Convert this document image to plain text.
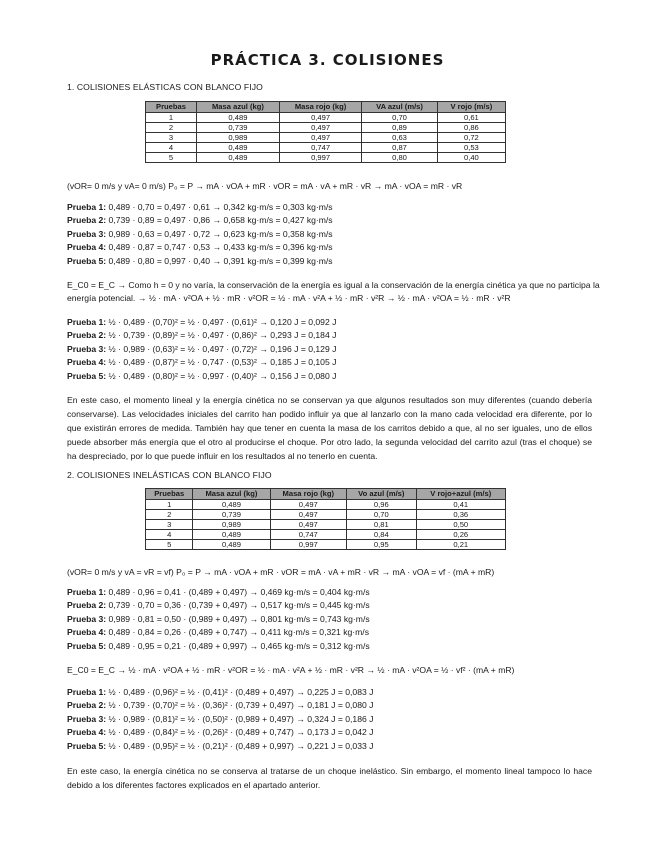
PRÁCTICA 3. COLISIONES
1. COLISIONES ELÁSTICAS CON BLANCO FIJO
Pruebas	Masa azul (kg)	Masa rojo (kg)	VA azul (m/s)	V rojo (m/s)
1	0,489	0,497	0,70	0,61
2	0,739	0,497	0,89	0,86
3	0,989	0,497	0,63	0,72
4	0,489	0,747	0,87	0,53
5	0,489	0,997	0,80	0,40
(vOR= 0 m/s y vA= 0 m/s) P₀ = P → mA · vOA + mR · vOR = mA · vA + mR · vR → mA · vOA = mR · vR
Prueba 1: 0,489 · 0,70 = 0,497 · 0,61 → 0,342 kg·m/s = 0,303 kg·m/s
Prueba 2: 0,739 · 0,89 = 0,497 · 0,86 → 0,658 kg·m/s = 0,427 kg·m/s
Prueba 3: 0,989 · 0,63 = 0,497 · 0,72 → 0,623 kg·m/s = 0,358 kg·m/s
Prueba 4: 0,489 · 0,87 = 0,747 · 0,53 → 0,433 kg·m/s = 0,396 kg·m/s
Prueba 5: 0,489 · 0,80 = 0,997 · 0,40 → 0,391 kg·m/s = 0,399 kg·m/s
E_C0 = E_C → Como h = 0 y no varía, la conservación de la energía es igual a la conservación de la energía cinética ya que no participa la
energía potencial. → ½ · mA · v²OA + ½ · mR · v²OR = ½ · mA · v²A + ½ · mR · v²R → ½ · mA · v²OA = ½ · mR · v²R
Prueba 1: ½ · 0,489 · (0,70)² = ½ · 0,497 · (0,61)² → 0,120 J = 0,092 J
Prueba 2: ½ · 0,739 · (0,89)² = ½ · 0,497 · (0,86)² → 0,293 J = 0,184 J
Prueba 3: ½ · 0,989 · (0,63)² = ½ · 0,497 · (0,72)² → 0,196 J = 0,129 J
Prueba 4: ½ · 0,489 · (0,87)² = ½ · 0,747 · (0,53)² → 0,185 J = 0,105 J
Prueba 5: ½ · 0,489 · (0,80)² = ½ · 0,997 · (0,40)² → 0,156 J = 0,080 J
En este caso, el momento lineal y la energía cinética no se conservan ya que algunos resultados son muy diferentes (cuando debería conservarse). Las velocidades iniciales del carrito han podido influir ya que al lanzarlo con la mano cada velocidad era diferente, por lo que existirán errores de medida. También hay que tener en cuenta la masa de los carritos debido a que, al no ser iguales, uno de ellos puede absorber más energía que el otro al producirse el choque. Por otro lado, la segunda velocidad del carrito azul (tras el choque) se ha despreciado, por lo que puede influir en los resultados al no tenerlo en cuenta.
2. COLISIONES INELÁSTICAS CON BLANCO FIJO
Pruebas	Masa azul (kg)	Masa rojo (kg)	Vo azul (m/s)	V rojo+azul (m/s)
1	0,489	0,497	0,96	0,41
2	0,739	0,497	0,70	0,36
3	0,989	0,497	0,81	0,50
4	0,489	0,747	0,84	0,26
5	0,489	0,997	0,95	0,21
(vOR= 0 m/s y vA = vR = vf) P₀ = P → mA · vOA + mR · vOR = mA · vA + mR · vR → mA · vOA = vf · (mA + mR)
Prueba 1: 0,489 · 0,96 = 0,41 · (0,489 + 0,497) → 0,469 kg·m/s = 0,404 kg·m/s
Prueba 2: 0,739 · 0,70 = 0,36 · (0,739 + 0,497) → 0,517 kg·m/s = 0,445 kg·m/s
Prueba 3: 0,989 · 0,81 = 0,50 · (0,989 + 0,497) → 0,801 kg·m/s = 0,743 kg·m/s
Prueba 4: 0,489 · 0,84 = 0,26 · (0,489 + 0,747) → 0,411 kg·m/s = 0,321 kg·m/s
Prueba 5: 0,489 · 0,95 = 0,21 · (0,489 + 0,997) → 0,465 kg·m/s = 0,312 kg·m/s
E_C0 = E_C → ½ · mA · v²OA + ½ · mR · v²OR = ½ · mA · v²A + ½ · mR · v²R → ½ · mA · v²OA = ½ · vf² · (mA + mR)
Prueba 1: ½ · 0,489 · (0,96)² = ½ · (0,41)² · (0,489 + 0,497) → 0,225 J = 0,083 J
Prueba 2: ½ · 0,739 · (0,70)² = ½ · (0,36)² · (0,739 + 0,497) → 0,181 J = 0,080 J
Prueba 3: ½ · 0,989 · (0,81)² = ½ · (0,50)² · (0,989 + 0,497) → 0,324 J = 0,186 J
Prueba 4: ½ · 0,489 · (0,84)² = ½ · (0,26)² · (0,489 + 0,747) → 0,173 J = 0,042 J
Prueba 5: ½ · 0,489 · (0,95)² = ½ · (0,21)² · (0,489 + 0,997) → 0,221 J = 0,033 J
En este caso, la energía cinética no se conserva al tratarse de un choque inelástico. Sin embargo, el momento lineal tampoco lo hace debido a los diferentes factores explicados en el apartado anterior.
